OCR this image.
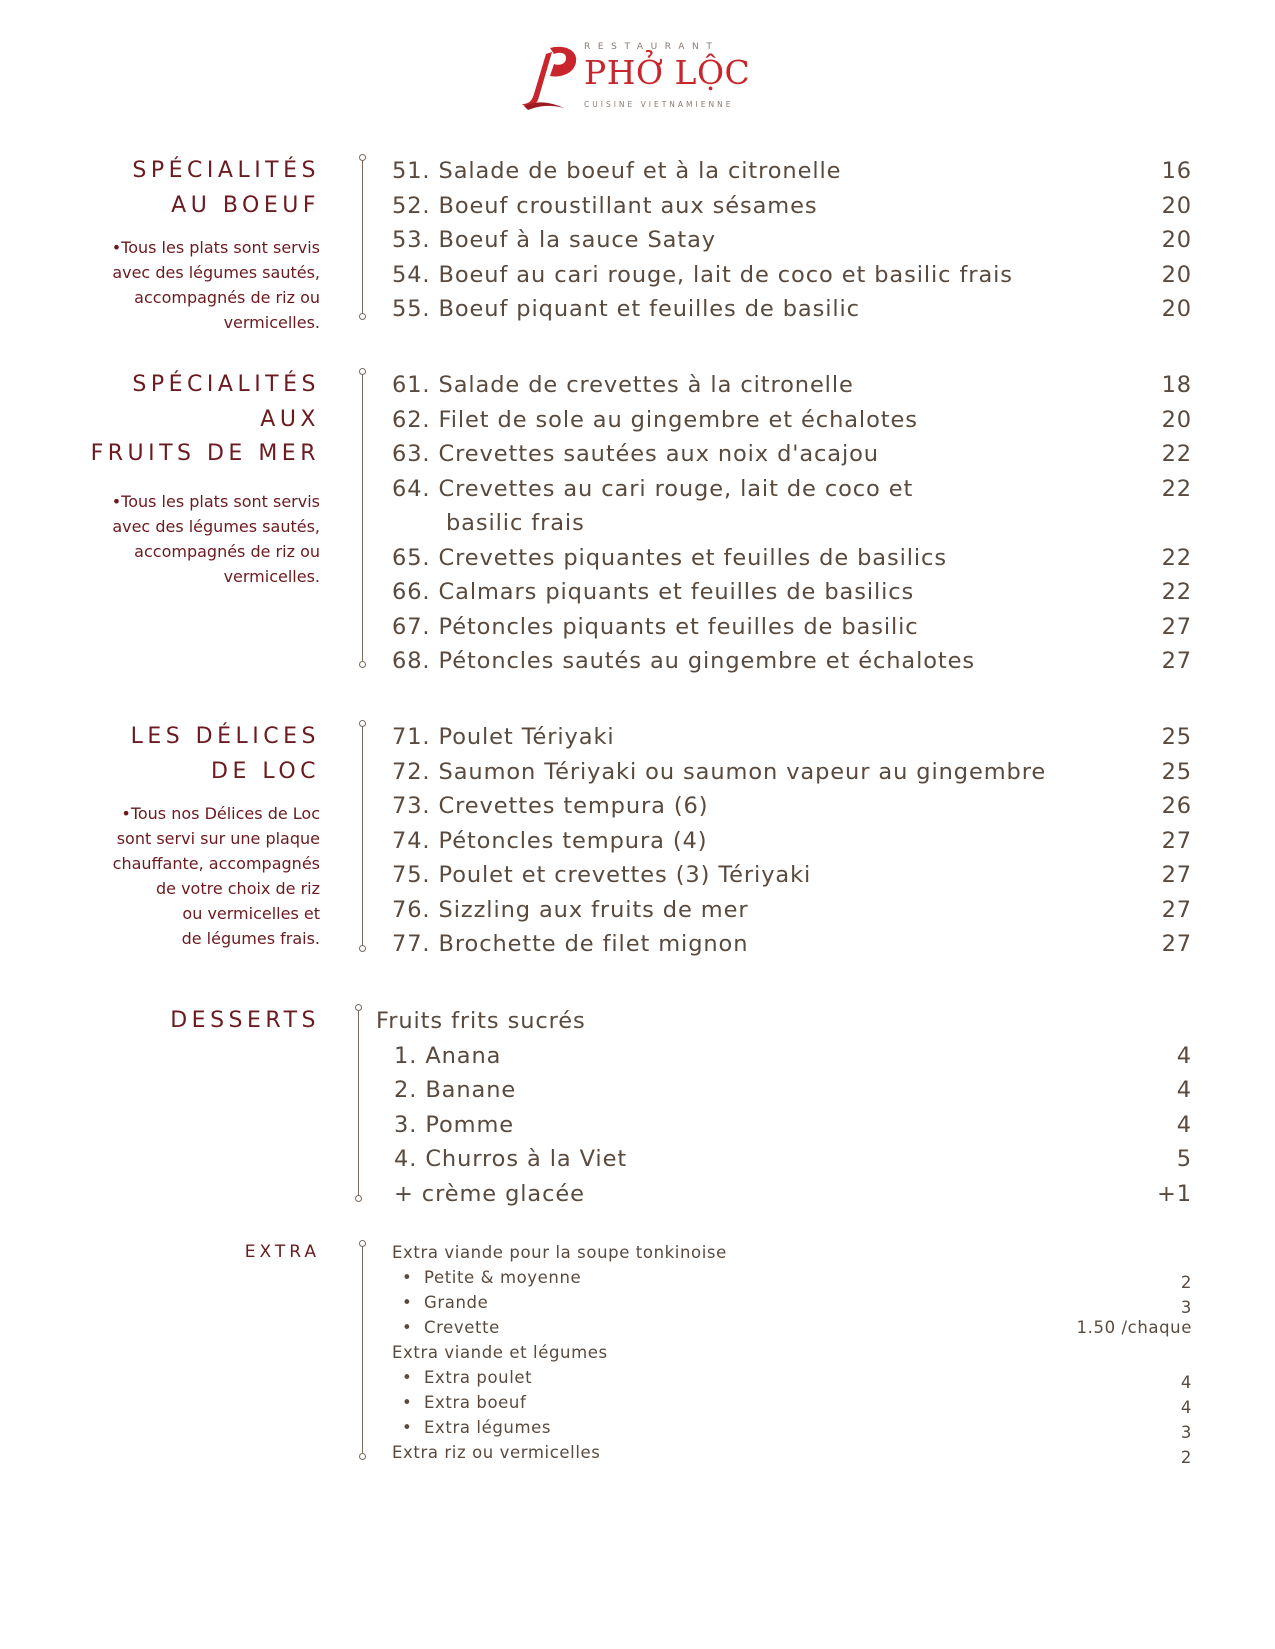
RESTAURANT
PHỞ LỘC
CUISINE VIETNAMIENNE
SPÉCIALITÉS
AU BOEUF
•Tous les plats sont servis
avec des légumes sautés,
accompagnés de riz ou
vermicelles.
51. Salade de boeuf et à la citronelle	16
52. Boeuf croustillant aux sésames	20
53. Boeuf à la sauce Satay	20
54. Boeuf au cari rouge, lait de coco et basilic frais	20
55. Boeuf piquant et feuilles de basilic	20
SPÉCIALITÉS
AUX
FRUITS DE MER
•Tous les plats sont servis
avec des légumes sautés,
accompagnés de riz ou
vermicelles.
61. Salade de crevettes à la citronelle	18
62. Filet de sole au gingembre et échalotes	20
63. Crevettes sautées aux noix d'acajou	22
64. Crevettes au cari rouge, lait de coco et	22
basilic frais
65. Crevettes piquantes et feuilles de basilics	22
66. Calmars piquants et feuilles de basilics	22
67. Pétoncles piquants et feuilles de basilic	27
68. Pétoncles sautés au gingembre et échalotes	27
LES DÉLICES
DE LOC
•Tous nos Délices de Loc
sont servi sur une plaque
chauffante, accompagnés
de votre choix de riz
ou vermicelles et
de légumes frais.
71. Poulet Tériyaki	25
72. Saumon Tériyaki ou saumon vapeur au gingembre	25
73. Crevettes tempura (6)	26
74. Pétoncles tempura (4)	27
75. Poulet et crevettes (3) Tériyaki	27
76. Sizzling aux fruits de mer	27
77. Brochette de filet mignon	27
DESSERTS Fruits frits sucrés
1. Anana	4
2. Banane	4
3. Pomme	4
4. Churros à la Viet	5
+ crème glacée	+1
EXTRA	Extra viande pour la soupe tonkinoise
• Petite & moyenne	2
• Grande	3
• Crevette	1.50 /chaque
Extra viande et légumes
• Extra poulet	4
• Extra boeuf	4
• Extra légumes	3
Extra riz ou vermicelles	2
